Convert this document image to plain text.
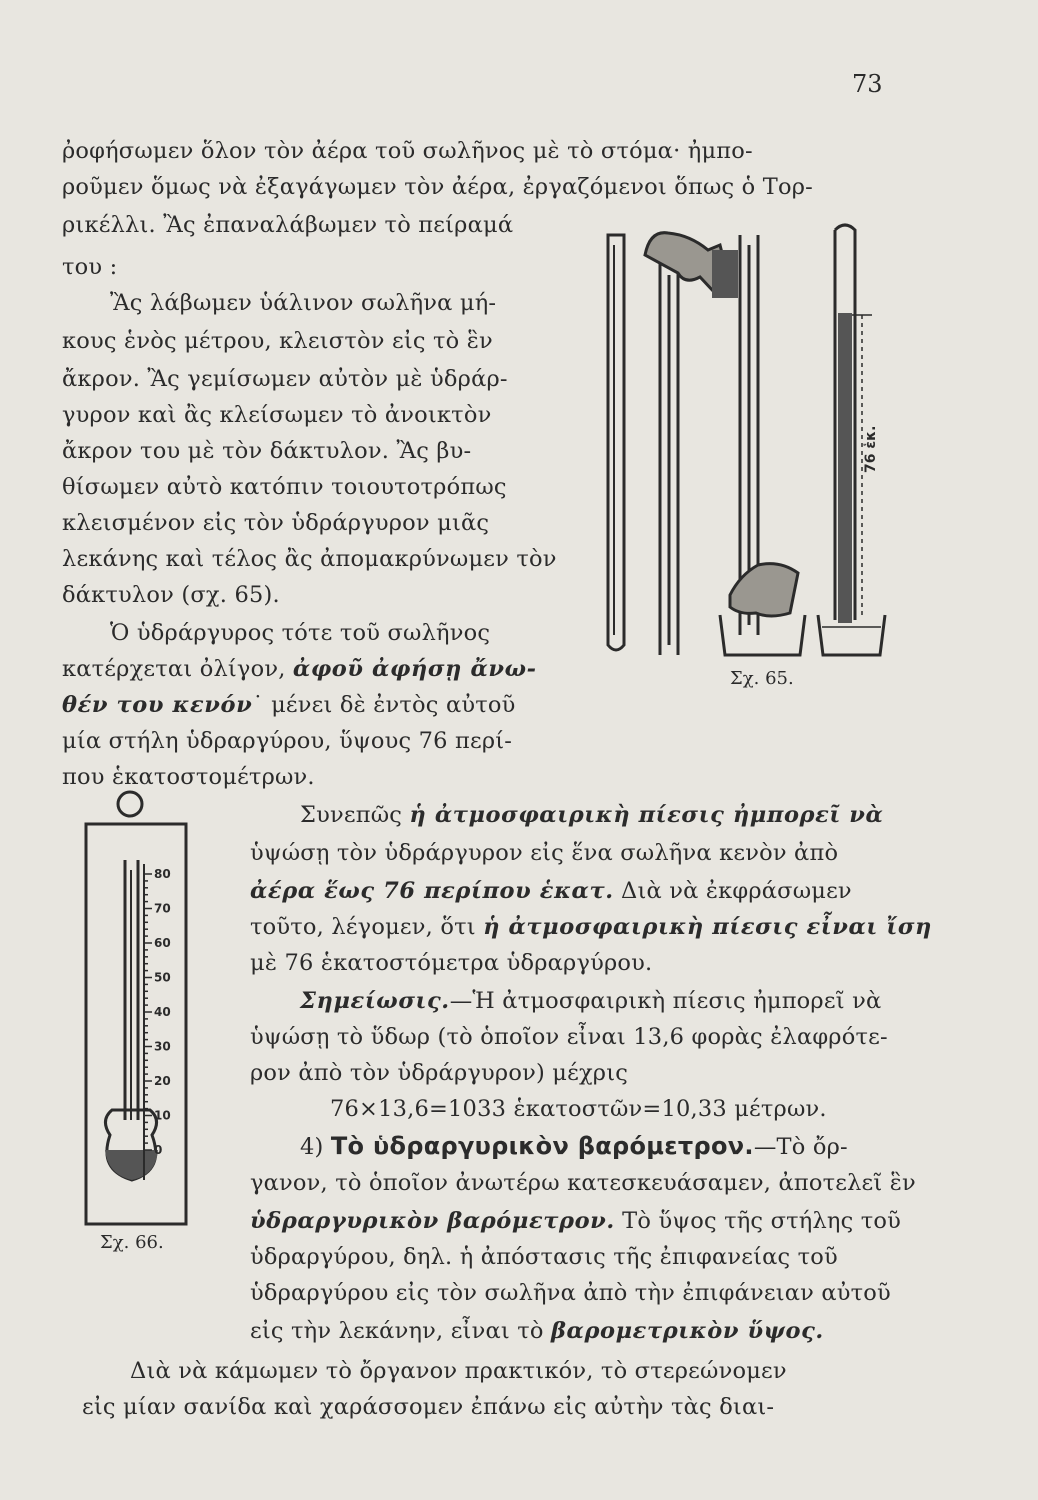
73
ῤοφήσωμεν ὅλον τὸν ἀέρα τοῦ σωλῆνος μὲ τὸ στόμα· ἠμπο-
ροῦμεν ὅμως νὰ ἐξαγάγωμεν τὸν ἀέρα, ἐργαζόμενοι ὅπως ὁ Τορ-
ρικέλλι. Ἂς ἐπαναλάβωμεν τὸ πείραμά
του :
Ἂς λάβωμεν ὑάλινον σωλῆνα μή-
κους ἑνὸς μέτρου, κλειστὸν εἰς τὸ ἓν
ἄκρον. Ἂς γεμίσωμεν αὐτὸν μὲ ὑδράρ-
γυρον καὶ ἂς κλείσωμεν τὸ ἀνοικτὸν
ἄκρον του μὲ τὸν δάκτυλον. Ἂς βυ-
θίσωμεν αὐτὸ κατόπιν τοιουτοτρόπως
κλεισμένον εἰς τὸν ὑδράργυρον μιᾶς
λεκάνης καὶ τέλος ἂς ἀπομακρύνωμεν τὸν
δάκτυλον (σχ. 65).
Ὁ ὑδράργυρος τότε τοῦ σωλῆνος
κατέρχεται ὀλίγον, ἀφοῦ ἀφήσῃ ἄνω-
θέν του κενόν˙ μένει δὲ ἐντὸς αὐτοῦ
μία στήλη ὑδραργύρου, ὕψους 76 περί-
που ἑκατοστομέτρων.
Συνεπῶς ἡ ἀτμοσφαιρικὴ πίεσις ἠμπορεῖ νὰ
ὑψώσῃ τὸν ὑδράργυρον εἰς ἕνα σωλῆνα κενὸν ἀπὸ
ἀέρα ἕως 76 περίπου ἑκατ. Διὰ νὰ ἐκφράσωμεν
τοῦτο, λέγομεν, ὅτι ἡ ἀτμοσφαιρικὴ πίεσις εἶναι ἴση
μὲ 76 ἑκατοστόμετρα ὑδραργύρου.
Σημείωσις.—Ἡ ἀτμοσφαιρικὴ πίεσις ἠμπορεῖ νὰ
ὑψώσῃ τὸ ὕδωρ (τὸ ὁποῖον εἶναι 13,6 φορὰς ἐλαφρότε-
ρον ἀπὸ τὸν ὑδράργυρον) μέχρις
76×13,6=1033 ἑκατοστῶν=10,33 μέτρων.
4) Τὸ ὑδραργυρικὸν βαρόμετρον.—Τὸ ὄρ-
γανον, τὸ ὁποῖον ἀνωτέρω κατεσκευάσαμεν, ἀποτελεῖ ἓν
ὑδραργυρικὸν βαρόμετρον. Τὸ ὕψος τῆς στήλης τοῦ
ὑδραργύρου, δηλ. ἡ ἀπόστασις τῆς ἐπιφανείας τοῦ
ὑδραργύρου εἰς τὸν σωλῆνα ἀπὸ τὴν ἐπιφάνειαν αὐτοῦ
εἰς τὴν λεκάνην, εἶναι τὸ βαρομετρικὸν ὕψος.
Διὰ νὰ κάμωμεν τὸ ὄργανον πρακτικόν, τὸ στερεώνομεν
εἰς μίαν σανίδα καὶ χαράσσομεν ἐπάνω εἰς αὐτὴν τὰς διαι-
76 ἑκ.
Σχ. 65.
80
70
60
50
40
30
20
10
0
Σχ. 66.
